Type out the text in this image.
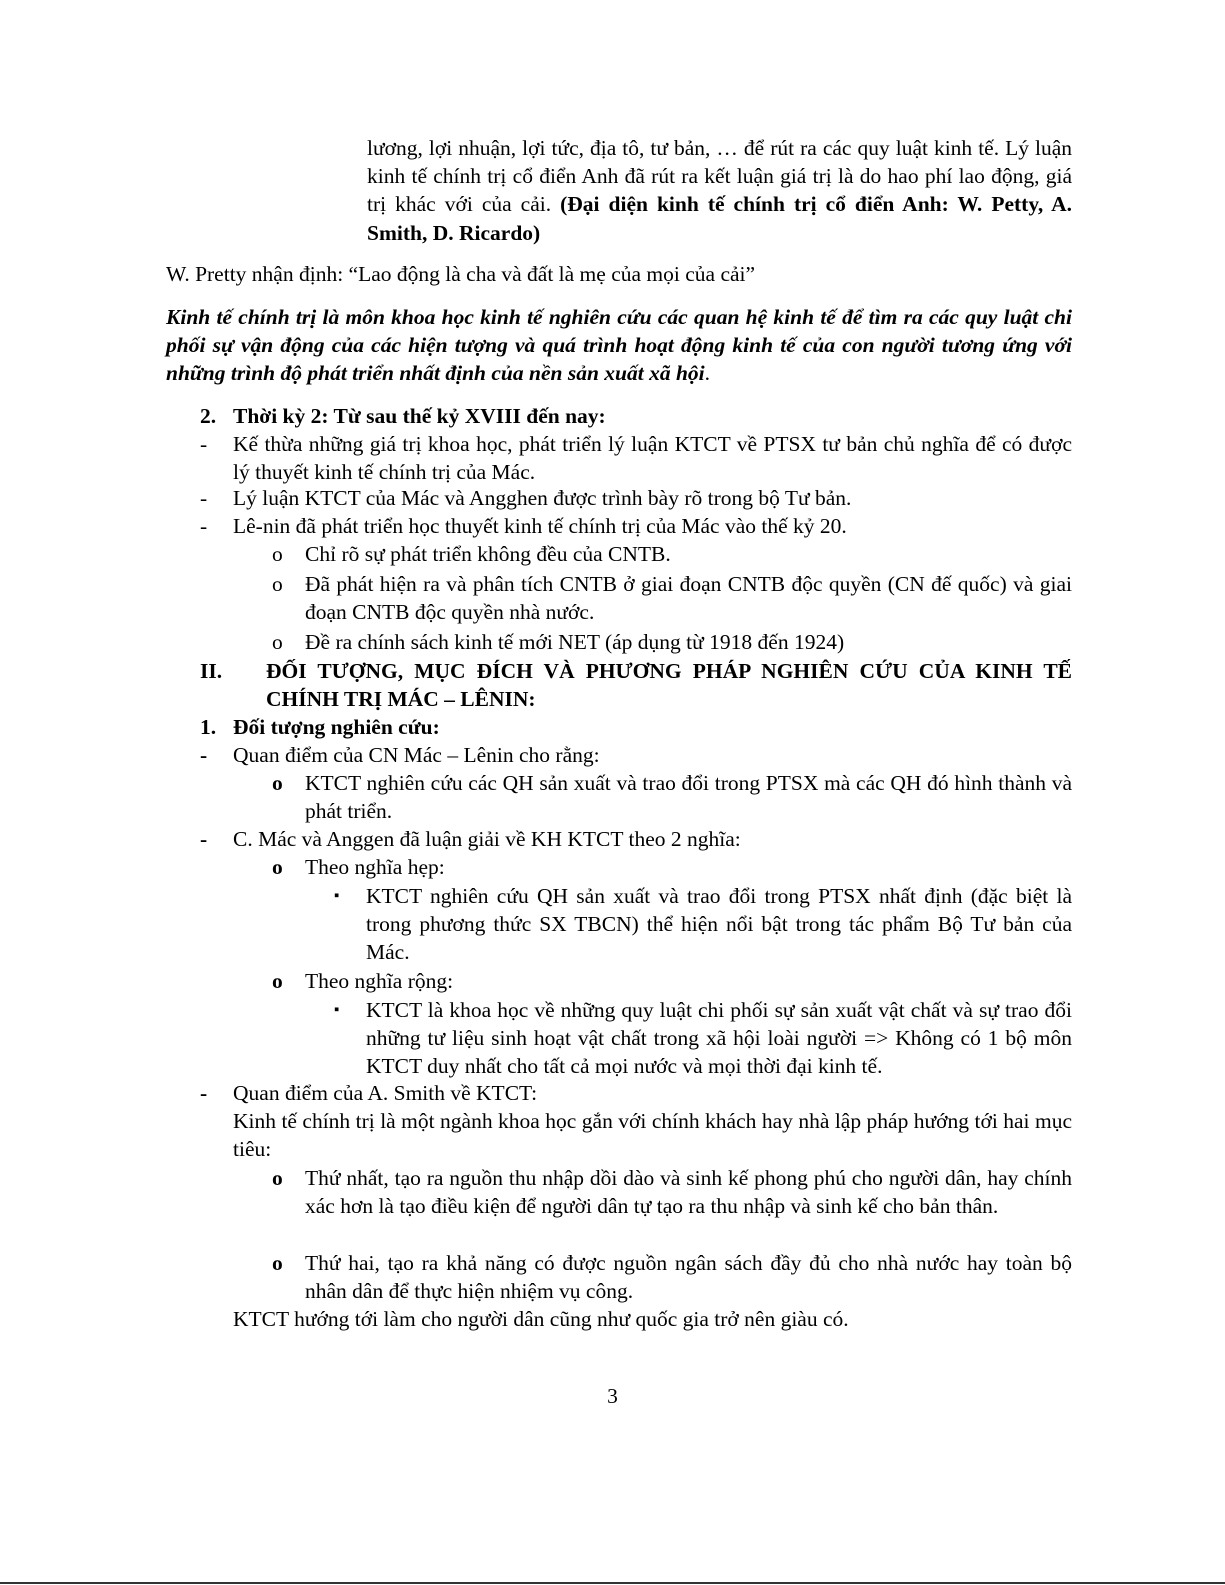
lương, lợi nhuận, lợi tức, địa tô, tư bản, … để rút ra các quy luật kinh tế. Lý luận kinh tế chính trị cổ điển Anh đã rút ra kết luận giá trị là do hao phí lao động, giá trị khác với của cải. (Đại diện kinh tế chính trị cổ điển Anh: W. Petty, A. Smith, D. Ricardo)

W. Pretty nhận định: “Lao động là cha và đất là mẹ của mọi của cải”

Kinh tế chính trị là môn khoa học kinh tế nghiên cứu các quan hệ kinh tế để tìm ra các quy luật chi phối sự vận động của các hiện tượng và quá trình hoạt động kinh tế của con người tương ứng với những trình độ phát triển nhất định của nền sản xuất xã hội.

2. Thời kỳ 2: Từ sau thế kỷ XVIII đến nay:

- Kế thừa những giá trị khoa học, phát triển lý luận KTCT về PTSX tư bản chủ nghĩa để có được lý thuyết kinh tế chính trị của Mác.

- Lý luận KTCT của Mác và Angghen được trình bày rõ trong bộ Tư bản.

- Lê-nin đã phát triển học thuyết kinh tế chính trị của Mác vào thế kỷ 20.

o Chỉ rõ sự phát triển không đều của CNTB.

o Đã phát hiện ra và phân tích CNTB ở giai đoạn CNTB độc quyền (CN đế quốc) và giai đoạn CNTB độc quyền nhà nước.

o Đề ra chính sách kinh tế mới NET (áp dụng từ 1918 đến 1924)

II. ĐỐI TƯỢNG, MỤC ĐÍCH VÀ PHƯƠNG PHÁP NGHIÊN CỨU CỦA KINH TẾ CHÍNH TRỊ MÁC – LÊNIN:

1. Đối tượng nghiên cứu:

- Quan điểm của CN Mác – Lênin cho rằng:

o KTCT nghiên cứu các QH sản xuất và trao đổi trong PTSX mà các QH đó hình thành và phát triển.

- C. Mác và Anggen đã luận giải về KH KTCT theo 2 nghĩa:

o Theo nghĩa hẹp:

▪ KTCT nghiên cứu QH sản xuất và trao đổi trong PTSX nhất định (đặc biệt là trong phương thức SX TBCN) thể hiện nổi bật trong tác phẩm Bộ Tư bản của Mác.

o Theo nghĩa rộng:

▪ KTCT là khoa học về những quy luật chi phối sự sản xuất vật chất và sự trao đổi những tư liệu sinh hoạt vật chất trong xã hội loài người => Không có 1 bộ môn KTCT duy nhất cho tất cả mọi nước và mọi thời đại kinh tế.

- Quan điểm của A. Smith về KTCT:

Kinh tế chính trị là một ngành khoa học gắn với chính khách hay nhà lập pháp hướng tới hai mục tiêu:

o Thứ nhất, tạo ra nguồn thu nhập dồi dào và sinh kế phong phú cho người dân, hay chính xác hơn là tạo điều kiện để người dân tự tạo ra thu nhập và sinh kế cho bản thân.

o Thứ hai, tạo ra khả năng có được nguồn ngân sách đầy đủ cho nhà nước hay toàn bộ nhân dân để thực hiện nhiệm vụ công.

KTCT hướng tới làm cho người dân cũng như quốc gia trở nên giàu có.

3
